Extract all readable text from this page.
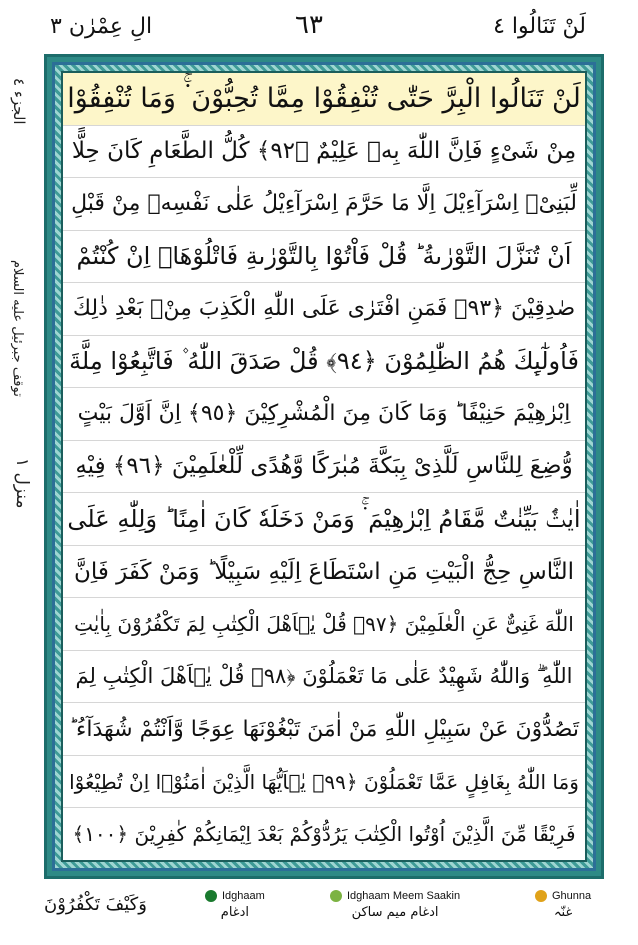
الِ عِمْرٰن ٣	٦٣	لَنْ تَنَالُوا ٤
الجزء ٤
توقف جبرئیل علیه السلام
منزل ١
لَنْ تَنَالُوا الْبِرَّ حَتّٰى تُنْفِقُوْا مِمَّا تُحِبُّوْنَ ۬ۚ وَمَا تُنْفِقُوْا
مِنْ شَیْءٍ فَاِنَّ اللّٰهَ بِهٖ عَلِیْمٌ ﴿٩٢﴾ كُلُّ الطَّعَامِ كَانَ حِلًّا
لِّبَنِیْۤ اِسْرَآءِیْلَ اِلَّا مَا حَرَّمَ اِسْرَآءِیْلُ عَلٰى نَفْسِهٖ مِنْ قَبْلِ
اَنْ تُنَزَّلَ التَّوْرٰىةُ ؕ قُلْ فَاْتُوْا بِالتَّوْرٰىةِ فَاتْلُوْهَاۤ اِنْ كُنْتُمْ
صٰدِقِیْنَ ﴿٩٣﴾ فَمَنِ افْتَرٰى عَلَى اللّٰهِ الْكَذِبَ مِنْۢ بَعْدِ ذٰلِكَ
فَاُولٰٓىِٕكَ هُمُ الظّٰلِمُوْنَ ﴿٩٤﴾ قُلْ صَدَقَ اللّٰهُ ۫ فَاتَّبِعُوْا مِلَّةَ
اِبْرٰهِیْمَ حَنِیْفًا ؕ وَمَا كَانَ مِنَ الْمُشْرِكِیْنَ ﴿٩٥﴾ اِنَّ اَوَّلَ بَیْتٍ
وُّضِعَ لِلنَّاسِ لَلَّذِیْ بِبَكَّةَ مُبٰرَكًا وَّهُدًى لِّلْعٰلَمِیْنَ ﴿٩٦﴾ فِیْهِ
اٰیٰتٌۢ بَیِّنٰتٌ مَّقَامُ اِبْرٰهِیْمَ ۬ۚ وَمَنْ دَخَلَهٗ كَانَ اٰمِنًا ؕ وَلِلّٰهِ عَلَى
النَّاسِ حِجُّ الْبَیْتِ مَنِ اسْتَطَاعَ اِلَیْهِ سَبِیْلًا ؕ وَمَنْ كَفَرَ فَاِنَّ
اللّٰهَ غَنِیٌّ عَنِ الْعٰلَمِیْنَ ﴿٩٧﴾ قُلْ یٰۤاَهْلَ الْكِتٰبِ لِمَ تَكْفُرُوْنَ بِاٰیٰتِ
اللّٰهِ ۖۗ وَاللّٰهُ شَهِیْدٌ عَلٰى مَا تَعْمَلُوْنَ ﴿٩٨﴾ قُلْ یٰۤاَهْلَ الْكِتٰبِ لِمَ
تَصُدُّوْنَ عَنْ سَبِیْلِ اللّٰهِ مَنْ اٰمَنَ تَبْغُوْنَهَا عِوَجًا وَّاَنْتُمْ شُهَدَآءُ ؕ
وَمَا اللّٰهُ بِغَافِلٍ عَمَّا تَعْمَلُوْنَ ﴿٩٩﴾ یٰۤاَیُّهَا الَّذِیْنَ اٰمَنُوْۤا اِنْ تُطِیْعُوْا
فَرِیْقًا مِّنَ الَّذِیْنَ اُوْتُوا الْكِتٰبَ یَرُدُّوْكُمْ بَعْدَ اِیْمَانِكُمْ كٰفِرِیْنَ ﴿١٠٠﴾
وَكَیْفَ تَكْفُرُوْنَ	Idghaam
ادغام
Idghaam Meem Saakin
ادغام میم ساکن
Ghunna
غنّہ
